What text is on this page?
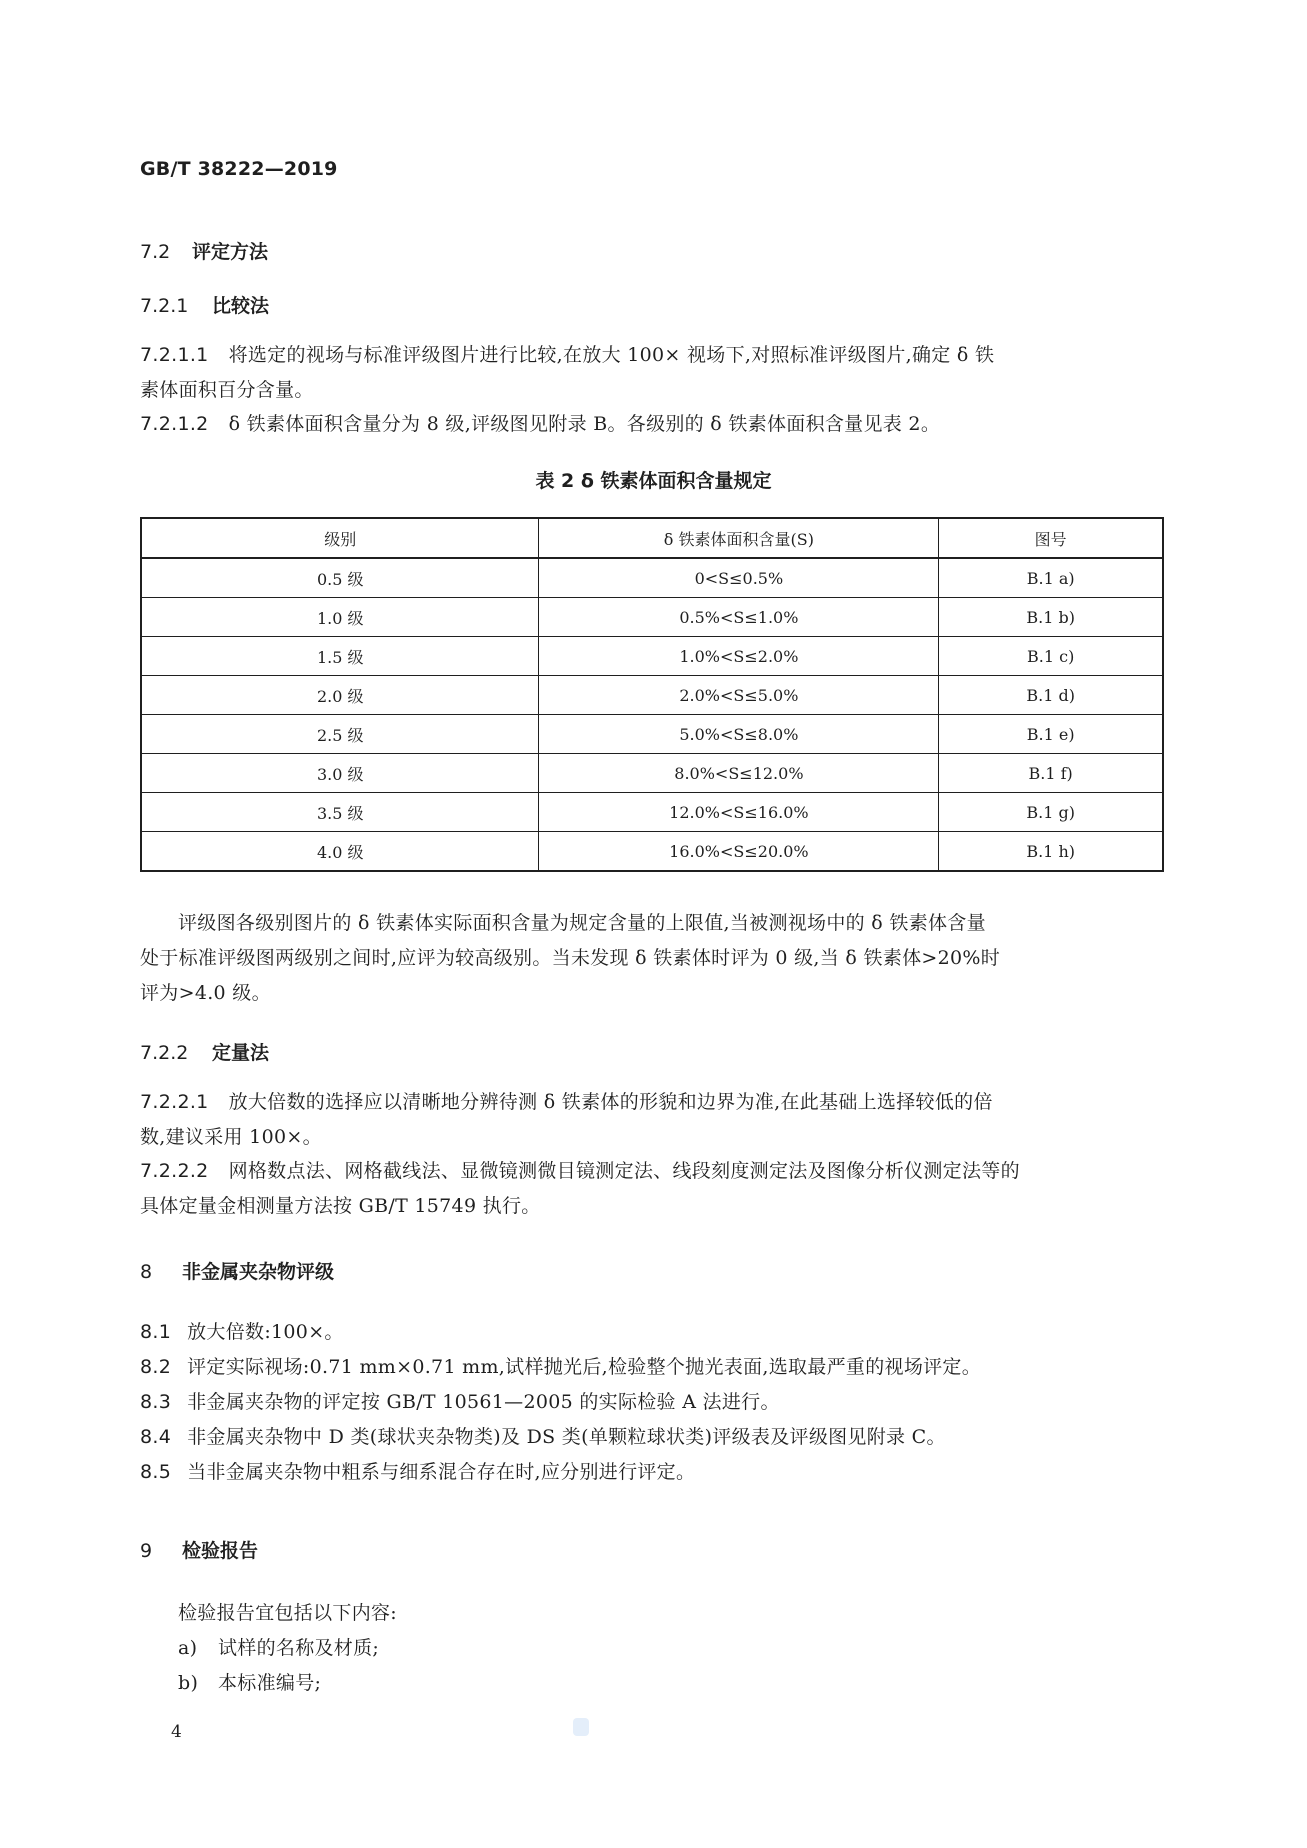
GB/T 38222—2019
7.2 评定方法
7.2.1 比较法
7.2.1.1 将选定的视场与标准评级图片进行比较,在放大 100× 视场下,对照标准评级图片,确定 δ 铁
素体面积百分含量。
7.2.1.2 δ 铁素体面积含量分为 8 级,评级图见附录 B。各级别的 δ 铁素体面积含量见表 2。
表 2 δ 铁素体面积含量规定
级别	δ 铁素体面积含量(S)	图号
0.5 级	0<S≤0.5%	B.1 a)
1.0 级	0.5%<S≤1.0%	B.1 b)
1.5 级	1.0%<S≤2.0%	B.1 c)
2.0 级	2.0%<S≤5.0%	B.1 d)
2.5 级	5.0%<S≤8.0%	B.1 e)
3.0 级	8.0%<S≤12.0%	B.1 f)
3.5 级	12.0%<S≤16.0%	B.1 g)
4.0 级	16.0%<S≤20.0%	B.1 h)
评级图各级别图片的 δ 铁素体实际面积含量为规定含量的上限值,当被测视场中的 δ 铁素体含量
处于标准评级图两级别之间时,应评为较高级别。当未发现 δ 铁素体时评为 0 级,当 δ 铁素体>20%时
评为>4.0 级。
7.2.2 定量法
7.2.2.1 放大倍数的选择应以清晰地分辨待测 δ 铁素体的形貌和边界为准,在此基础上选择较低的倍
数,建议采用 100×。
7.2.2.2 网格数点法、网格截线法、显微镜测微目镜测定法、线段刻度测定法及图像分析仪测定法等的
具体定量金相测量方法按 GB/T 15749 执行。
8 非金属夹杂物评级
8.1 放大倍数:100×。
8.2 评定实际视场:0.71 mm×0.71 mm,试样抛光后,检验整个抛光表面,选取最严重的视场评定。
8.3 非金属夹杂物的评定按 GB/T 10561—2005 的实际检验 A 法进行。
8.4 非金属夹杂物中 D 类(球状夹杂物类)及 DS 类(单颗粒球状类)评级表及评级图见附录 C。
8.5 当非金属夹杂物中粗系与细系混合存在时,应分别进行评定。
9 检验报告
检验报告宜包括以下内容:
a) 试样的名称及材质;
b) 本标准编号;
4
